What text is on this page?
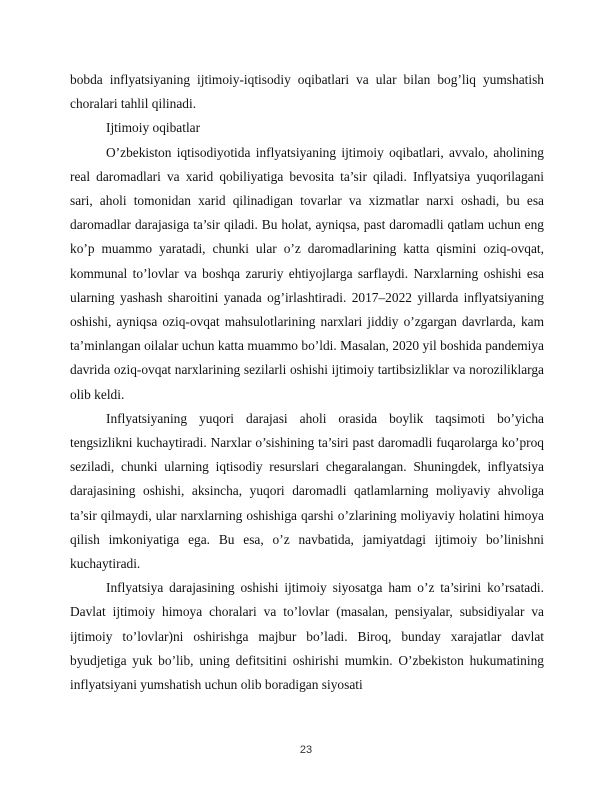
bobda inflyatsiyaning ijtimoiy-iqtisodiy oqibatlari va ular bilan bog’liq yumshatish choralari tahlil qilinadi.

Ijtimoiy oqibatlar

O’zbekiston iqtisodiyotida inflyatsiyaning ijtimoiy oqibatlari, avvalo, aholining real daromadlari va xarid qobiliyatiga bevosita ta’sir qiladi. Inflyatsiya yuqorilagani sari, aholi tomonidan xarid qilinadigan tovarlar va xizmatlar narxi oshadi, bu esa daromadlar darajasiga ta’sir qiladi. Bu holat, ayniqsa, past daromadli qatlam uchun eng ko’p muammo yaratadi, chunki ular o’z daromadlarining katta qismini oziq-ovqat, kommunal to’lovlar va boshqa zaruriy ehtiyojlarga sarflaydi. Narxlarning oshishi esa ularning yashash sharoitini yanada og’irlashtiradi. 2017–2022 yillarda inflyatsiyaning oshishi, ayniqsa oziq-ovqat mahsulotlarining narxlari jiddiy o’zgargan davrlarda, kam ta’minlangan oilalar uchun katta muammo bo’ldi. Masalan, 2020 yil boshida pandemiya davrida oziq-ovqat narxlarining sezilarli oshishi ijtimoiy tartibsizliklar va noroziliklarga olib keldi.

Inflyatsiyaning yuqori darajasi aholi orasida boylik taqsimoti bo’yicha tengsizlikni kuchaytiradi. Narxlar o’sishining ta’siri past daromadli fuqarolarga ko’proq seziladi, chunki ularning iqtisodiy resurslari chegaralangan. Shuningdek, inflyatsiya darajasining oshishi, aksincha, yuqori daromadli qatlamlarning moliyaviy ahvoliga ta’sir qilmaydi, ular narxlarning oshishiga qarshi o’zlarining moliyaviy holatini himoya qilish imkoniyatiga ega. Bu esa, o’z navbatida, jamiyatdagi ijtimoiy bo’linishni kuchaytiradi.

Inflyatsiya darajasining oshishi ijtimoiy siyosatga ham o’z ta’sirini ko’rsatadi. Davlat ijtimoiy himoya choralari va to’lovlar (masalan, pensiyalar, subsidiyalar va ijtimoiy to’lovlar)ni oshirishga majbur bo’ladi. Biroq, bunday xarajatlar davlat byudjetiga yuk bo’lib, uning defitsitini oshirishi mumkin. O’zbekiston hukumatining inflyatsiyani yumshatish uchun olib boradigan siyosati

23
